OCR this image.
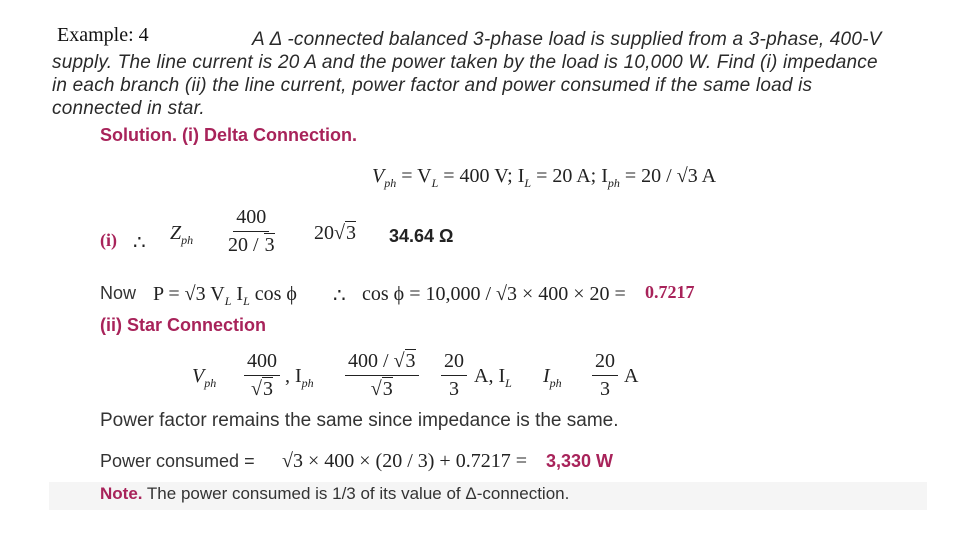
Example: 4	A Δ -connected balanced 3-phase load is supplied from a 3-phase, 400-V
supply. The line current is 20 A and the power taken by the load is 10,000 W. Find (i) impedance
in each branch (ii) the line current, power factor and power consumed if the same load is
connected in star.
Solution. (i) Delta Connection.
$V_{ph} = V_L = 400$ V; $I_L = 20$ A; $I_{ph} = 20 / √3$ A
(i) ∴ $Z_{ph} \frac{400}{20 / 3} 20√3$ 34.64 Ω
Now P = √3 $V_L$ $I_L$ cos ϕ ∴ cos ϕ = 10,000 / √3 × 400 × 20 = 0.7217
(ii) Star Connection
$V_{ph} \frac{400}{√3}$ , $I_{ph} \frac{400 / √3}{√3} \frac{20}{3} A$, $I_L$ $I_{ph} \frac{20}{3}$ A
Power factor remains the same since impedance is the same.
Power consumed = √3 × 400 × (20 / 3) + 0.7217 = 3,330 W
Note. The power consumed is 1/3 of its value of Δ-connection.
